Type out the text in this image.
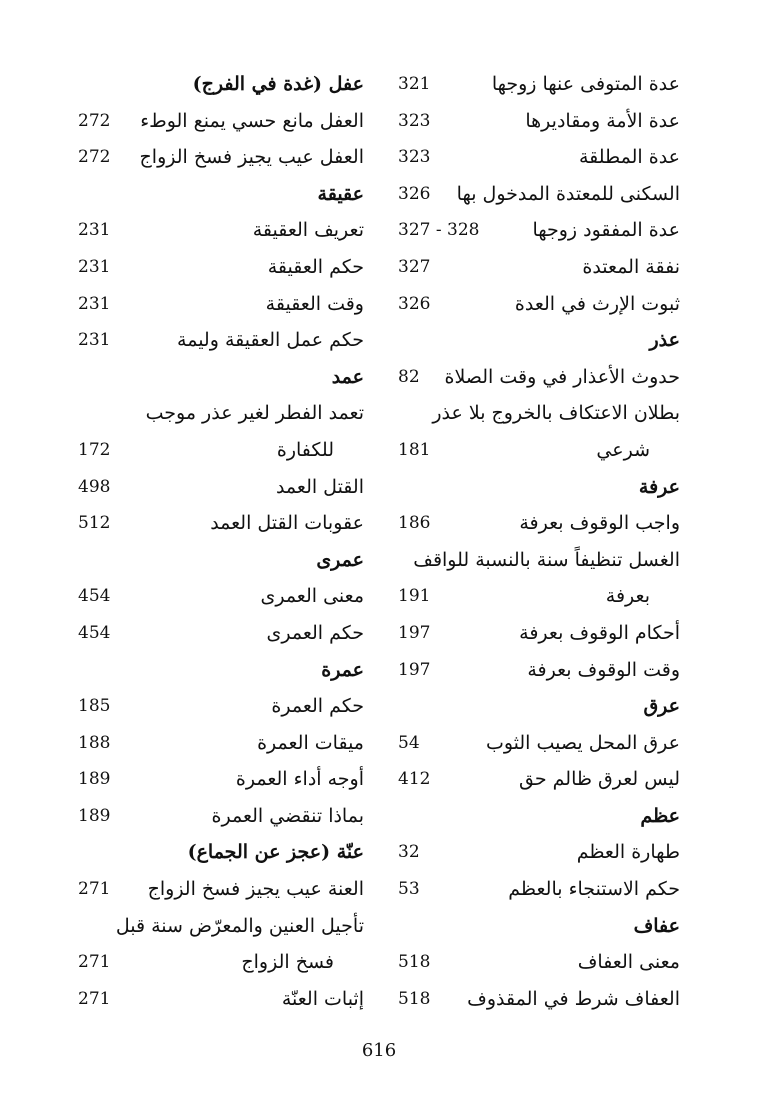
عدة المتوفى عنها زوجها
321
عدة الأمة ومقاديرها
323
عدة المطلقة
323
السكنى للمعتدة المدخول بها
326
عدة المفقود زوجها
327 - 328
نفقة المعتدة
327
ثبوت الإرث في العدة
326
عذر
حدوث الأعذار في وقت الصلاة
82
بطلان الاعتكاف بالخروج بلا عذر
شرعي
181
عرفة
واجب الوقوف بعرفة
186
الغسل تنظيفاً سنة بالنسبة للواقف
بعرفة
191
أحكام الوقوف بعرفة
197
وقت الوقوف بعرفة
197
عرق
عرق المحل يصيب الثوب
54
ليس لعرق ظالم حق
412
عظم
طهارة العظم
32
حكم الاستنجاء بالعظم
53
عفاف
معنى العفاف
518
العفاف شرط في المقذوف
518
عفل (غدة في الفرج)
العفل مانع حسي يمنع الوطء
272
العفل عيب يجيز فسخ الزواج
272
عقيقة
تعريف العقيقة
231
حكم العقيقة
231
وقت العقيقة
231
حكم عمل العقيقة وليمة
231
عمد
تعمد الفطر لغير عذر موجب
للكفارة
172
القتل العمد
498
عقوبات القتل العمد
512
عمرى
معنى العمرى
454
حكم العمرى
454
عمرة
حكم العمرة
185
ميقات العمرة
188
أوجه أداء العمرة
189
بماذا تنقضي العمرة
189
عنّة (عجز عن الجماع)
العنة عيب يجيز فسخ الزواج
271
تأجيل العنين والمعرّض سنة قبل
فسخ الزواج
271
إثبات العنّة
271
616
